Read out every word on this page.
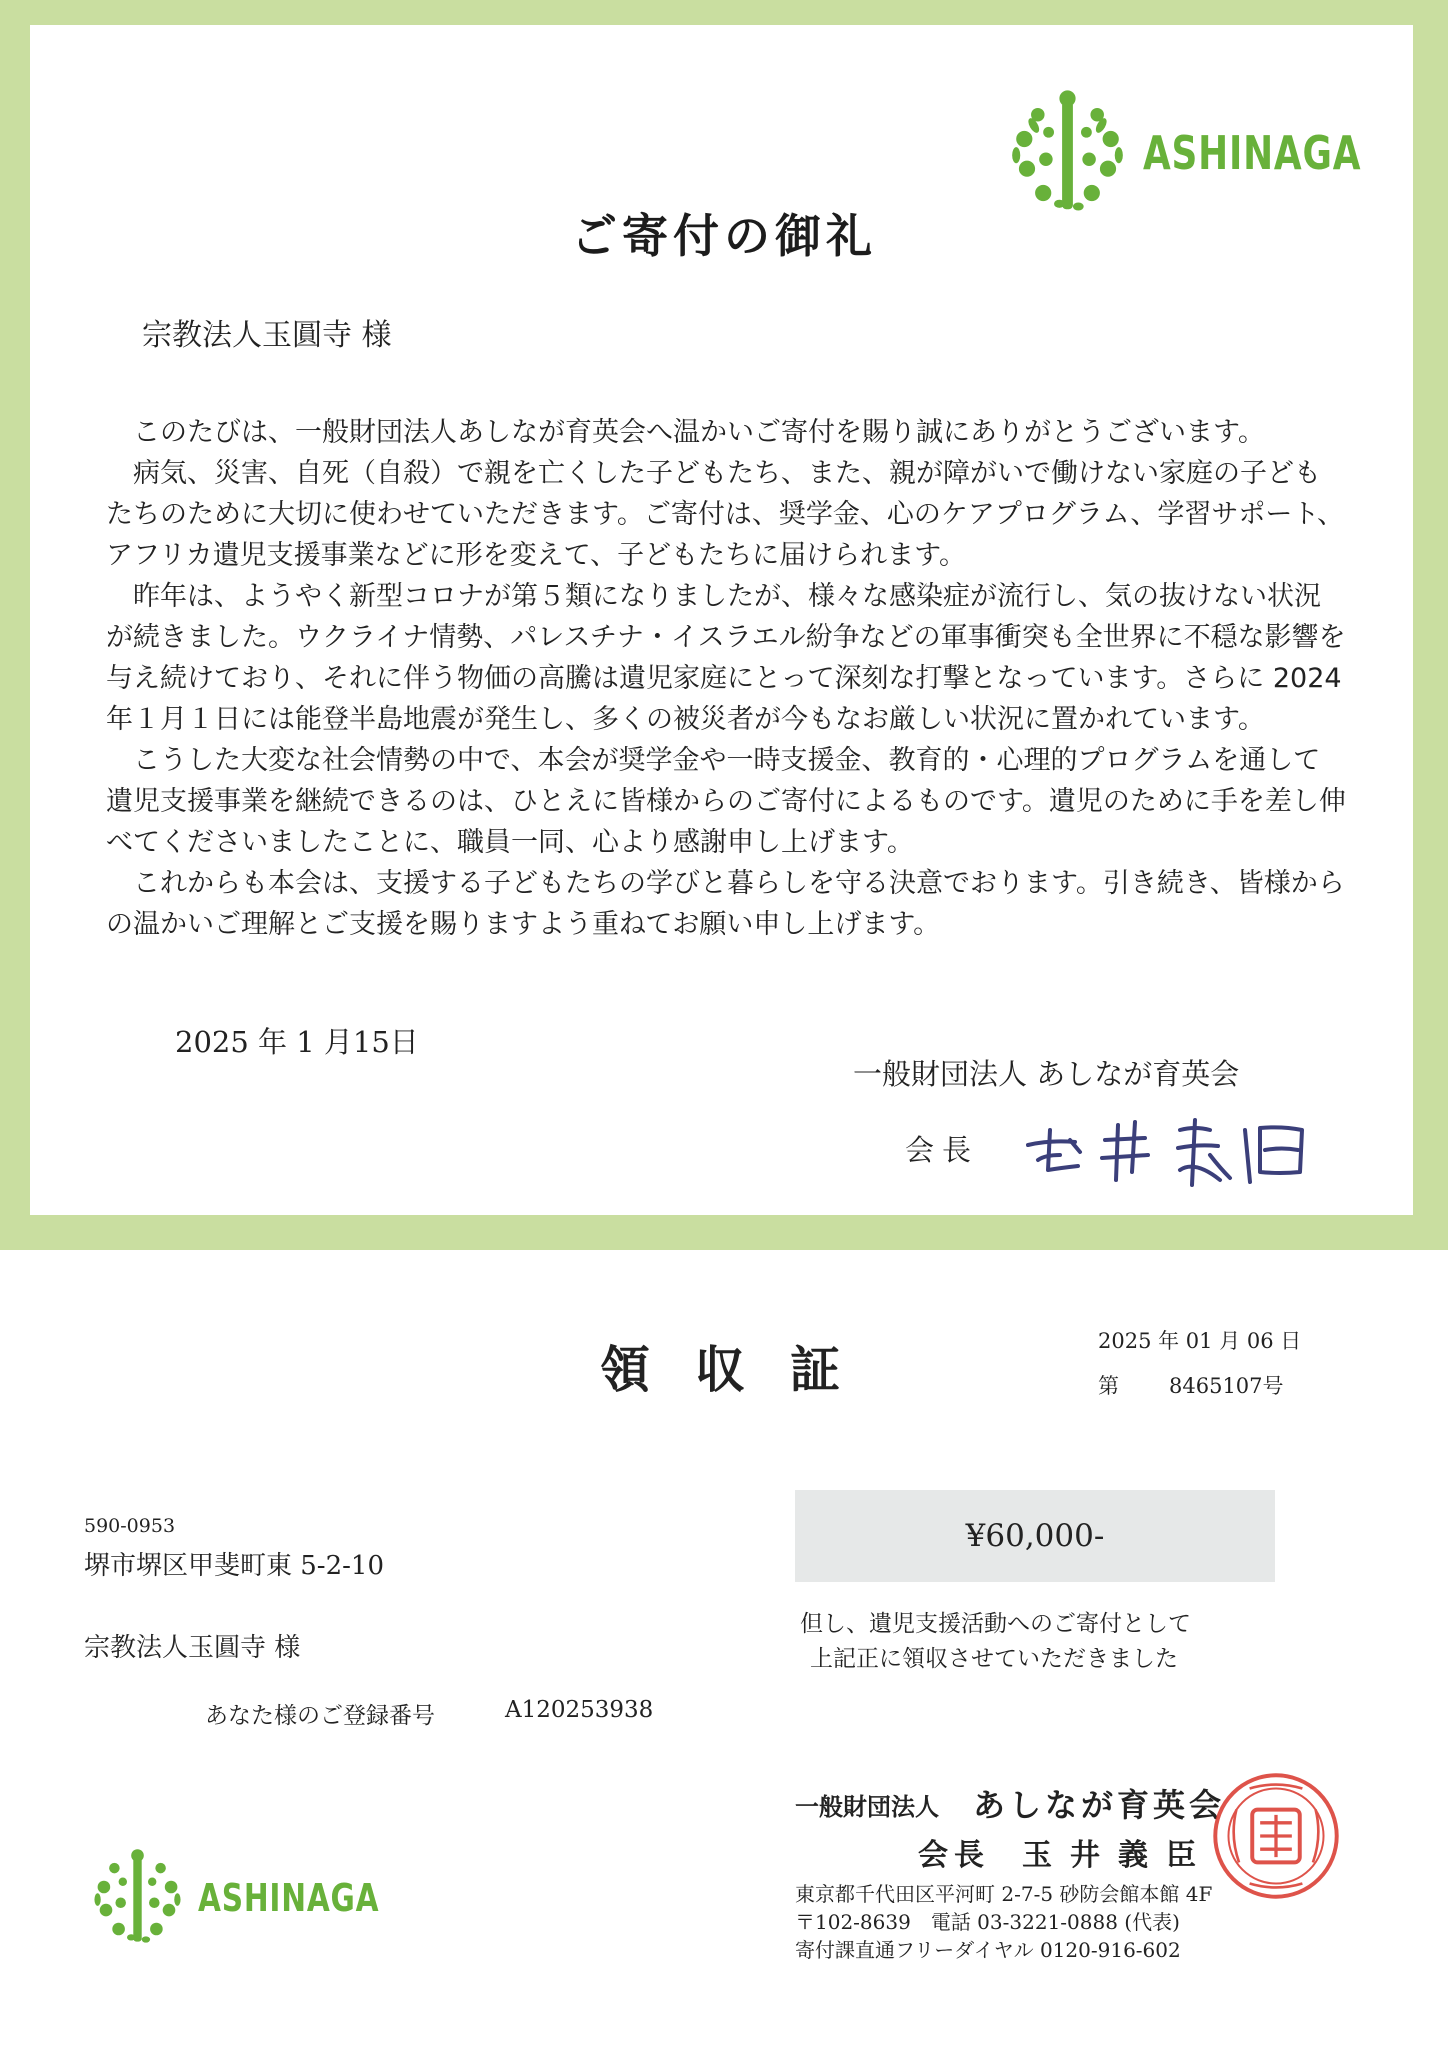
ASHINAGA
ご寄付の御礼
宗教法人玉圓寺 様

　このたびは、一般財団法人あしなが育英会へ温かいご寄付を賜り誠にありがとうございます。

　病気、災害、自死（自殺）で親を亡くした子どもたち、また、親が障がいで働けない家庭の子どもたちのために大切に使わせていただきます。ご寄付は、奨学金、心のケアプログラム、学習サポート、アフリカ遺児支援事業などに形を変えて、子どもたちに届けられます。

　昨年は、ようやく新型コロナが第５類になりましたが、様々な感染症が流行し、気の抜けない状況が続きました。ウクライナ情勢、パレスチナ・イスラエル紛争などの軍事衝突も全世界に不穏な影響を与え続けており、それに伴う物価の高騰は遺児家庭にとって深刻な打撃となっています。さらに 2024 年１月１日には能登半島地震が発生し、多くの被災者が今もなお厳しい状況に置かれています。

　こうした大変な社会情勢の中で、本会が奨学金や一時支援金、教育的・心理的プログラムを通して遺児支援事業を継続できるのは、ひとえに皆様からのご寄付によるものです。遺児のために手を差し伸べてくださいましたことに、職員一同、心より感謝申し上げます。

　これからも本会は、支援する子どもたちの学びと暮らしを守る決意でおります。引き続き、皆様からの温かいご理解とご支援を賜りますよう重ねてお願い申し上げます。

2025 年 1 月15日
一般財団法人 あしなが育英会
会長
領収証	2025 年 01 月 06 日
第 8465107号
590-0953
堺市堺区甲斐町東 5-2-10
宗教法人玉圓寺 様
あなた様のご登録番号	A120253938
¥60,000-
但し、遺児支援活動へのご寄付として
上記正に領収させていただきました
一般財団法人 あしなが育英会
会長 玉井義臣
東京都千代田区平河町 2-7-5 砂防会館本館 4F
〒102-8639　電話 03-3221-0888 (代表)
寄付課直通フリーダイヤル 0120-916-602
ASHINAGA
